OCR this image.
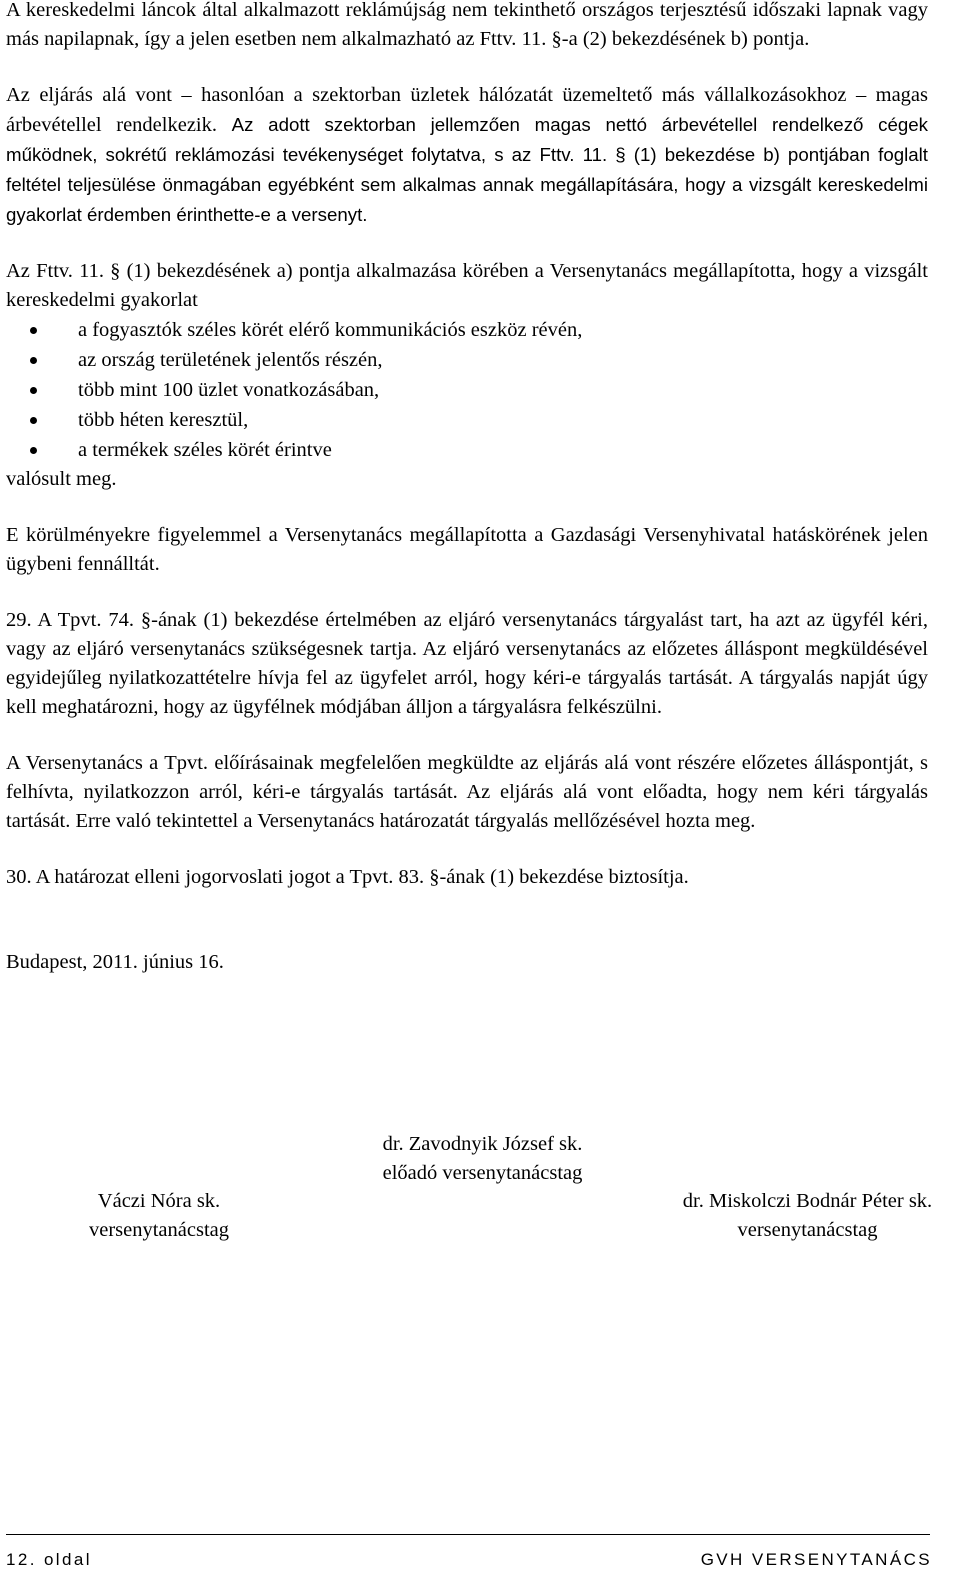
A kereskedelmi láncok által alkalmazott reklámújság nem tekinthető országos terjesztésű időszaki lapnak vagy más napilapnak, így a jelen esetben nem alkalmazható az Fttv. 11. §-a (2) bekezdésének b) pontja.

Az eljárás alá vont – hasonlóan a szektorban üzletek hálózatát üzemeltető más vállalkozásokhoz – magas árbevétellel rendelkezik. Az adott szektorban jellemzően magas nettó árbevétellel rendelkező cégek működnek, sokrétű reklámozási tevékenységet folytatva, s az Fttv. 11. § (1) bekezdése b) pontjában foglalt feltétel teljesülése önmagában egyébként sem alkalmas annak megállapítására, hogy a vizsgált kereskedelmi gyakorlat érdemben érinthette-e a versenyt.

Az Fttv. 11. § (1) bekezdésének a) pontja alkalmazása körében a Versenytanács megállapította, hogy a vizsgált kereskedelmi gyakorlat

a fogyasztók széles körét elérő kommunikációs eszköz révén,
az ország területének jelentős részén,
több mint 100 üzlet vonatkozásában,
több héten keresztül,
a termékek széles körét érintve

valósult meg.

E körülményekre figyelemmel a Versenytanács megállapította a Gazdasági Versenyhivatal hatáskörének jelen ügybeni fennálltát.

29. A Tpvt. 74. §-ának (1) bekezdése értelmében az eljáró versenytanács tárgyalást tart, ha azt az ügyfél kéri, vagy az eljáró versenytanács szükségesnek tartja. Az eljáró versenytanács az előzetes álláspont megküldésével egyidejűleg nyilatkozattételre hívja fel az ügyfelet arról, hogy kéri-e tárgyalás tartását. A tárgyalás napját úgy kell meghatározni, hogy az ügyfélnek módjában álljon a tárgyalásra felkészülni.

A Versenytanács a Tpvt. előírásainak megfelelően megküldte az eljárás alá vont részére előzetes álláspontját, s felhívta, nyilatkozzon arról, kéri-e tárgyalás tartását. Az eljárás alá vont előadta, hogy nem kéri tárgyalás tartását. Erre való tekintettel a Versenytanács határozatát tárgyalás mellőzésével hozta meg.

30. A határozat elleni jogorvoslati jogot a Tpvt. 83. §-ának (1) bekezdése biztosítja.

Budapest, 2011. június 16.

dr. Zavodnyik József sk.
előadó versenytanácstag
Váczi Nóra sk.
versenytanácstag
dr. Miskolczi Bodnár Péter sk.
versenytanácstag
12. oldal	GVH VERSENYTANÁCS
